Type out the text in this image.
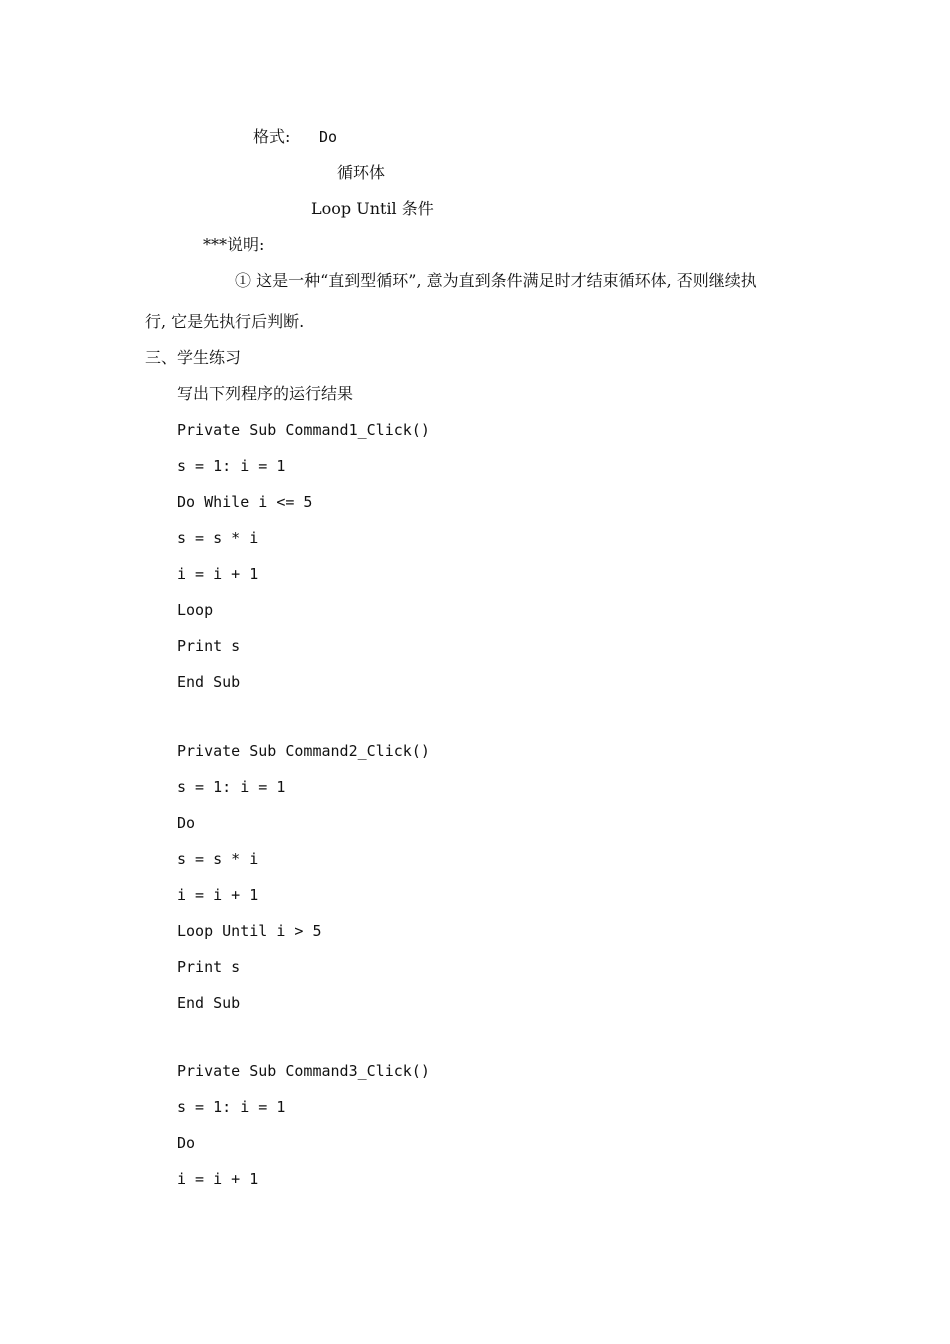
格式: Do
循环体
Loop Until 条件
***说明:
① 这是一种“直到型循环”, 意为直到条件满足时才结束循环体, 否则继续执
行, 它是先执行后判断.
三、学生练习
写出下列程序的运行结果
Private Sub Command1_Click()
s = 1: i = 1
Do While i <= 5
s = s * i
i = i + 1
Loop
Print s
End Sub
Private Sub Command2_Click()
s = 1: i = 1
Do
s = s * i
i = i + 1
Loop Until i > 5
Print s
End Sub
Private Sub Command3_Click()
s = 1: i = 1
Do
i = i + 1
